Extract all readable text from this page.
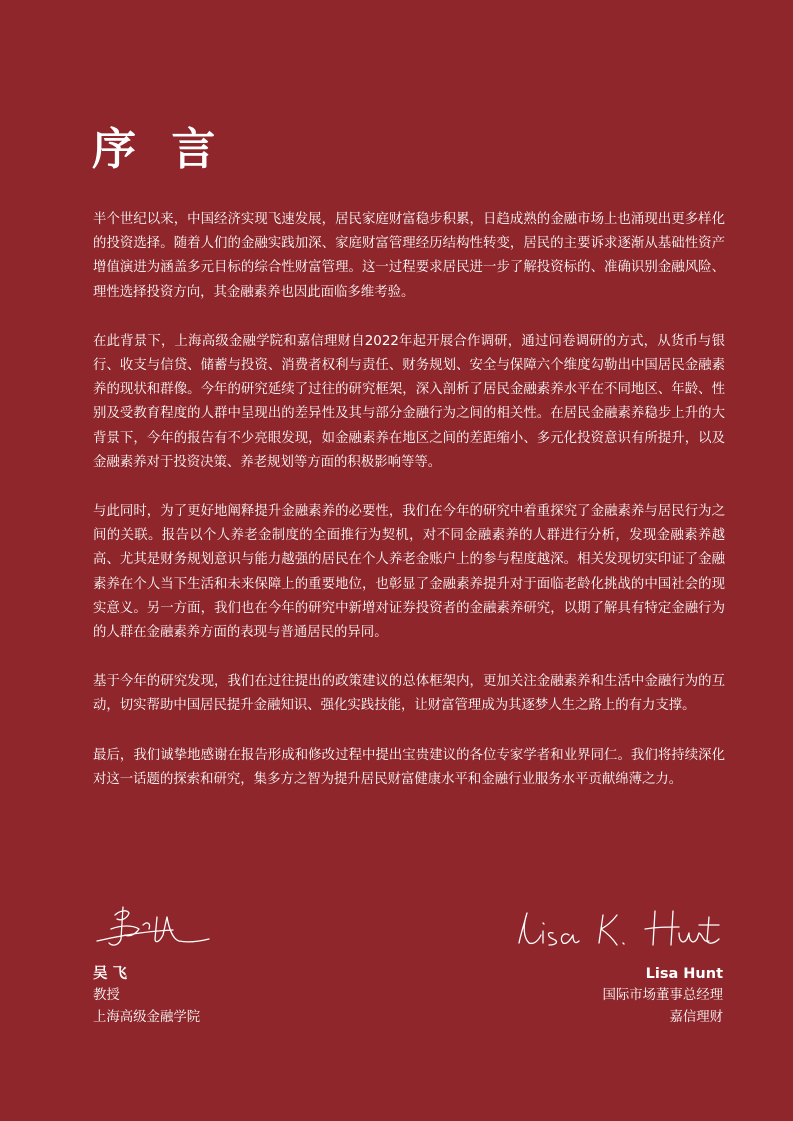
序 言

半个世纪以来，中国经济实现飞速发展，居民家庭财富稳步积累，日趋成熟的金融市场上也涌现出更多样化的投资选择。随着人们的金融实践加深、家庭财富管理经历结构性转变，居民的主要诉求逐渐从基础性资产增值演进为涵盖多元目标的综合性财富管理。这一过程要求居民进一步了解投资标的、准确识别金融风险、理性选择投资方向，其金融素养也因此面临多维考验。

在此背景下，上海高级金融学院和嘉信理财自2022年起开展合作调研，通过问卷调研的方式，从货币与银行、收支与信贷、储蓄与投资、消费者权利与责任、财务规划、安全与保障六个维度勾勒出中国居民金融素养的现状和群像。今年的研究延续了过往的研究框架，深入剖析了居民金融素养水平在不同地区、年龄、性别及受教育程度的人群中呈现出的差异性及其与部分金融行为之间的相关性。在居民金融素养稳步上升的大背景下，今年的报告有不少亮眼发现，如金融素养在地区之间的差距缩小、多元化投资意识有所提升，以及金融素养对于投资决策、养老规划等方面的积极影响等等。

与此同时，为了更好地阐释提升金融素养的必要性，我们在今年的研究中着重探究了金融素养与居民行为之间的关联。报告以个人养老金制度的全面推行为契机，对不同金融素养的人群进行分析，发现金融素养越高、尤其是财务规划意识与能力越强的居民在个人养老金账户上的参与程度越深。相关发现切实印证了金融素养在个人当下生活和未来保障上的重要地位，也彰显了金融素养提升对于面临老龄化挑战的中国社会的现实意义。另一方面，我们也在今年的研究中新增对证券投资者的金融素养研究，以期了解具有特定金融行为的人群在金融素养方面的表现与普通居民的异同。

基于今年的研究发现，我们在过往提出的政策建议的总体框架内，更加关注金融素养和生活中金融行为的互动，切实帮助中国居民提升金融知识、强化实践技能，让财富管理成为其逐梦人生之路上的有力支撑。

最后，我们诚挚地感谢在报告形成和修改过程中提出宝贵建议的各位专家学者和业界同仁。我们将持续深化对这一话题的探索和研究，集多方之智为提升居民财富健康水平和金融行业服务水平贡献绵薄之力。

吴 飞
教授
上海高级金融学院
Lisa Hunt
国际市场董事总经理
嘉信理财
